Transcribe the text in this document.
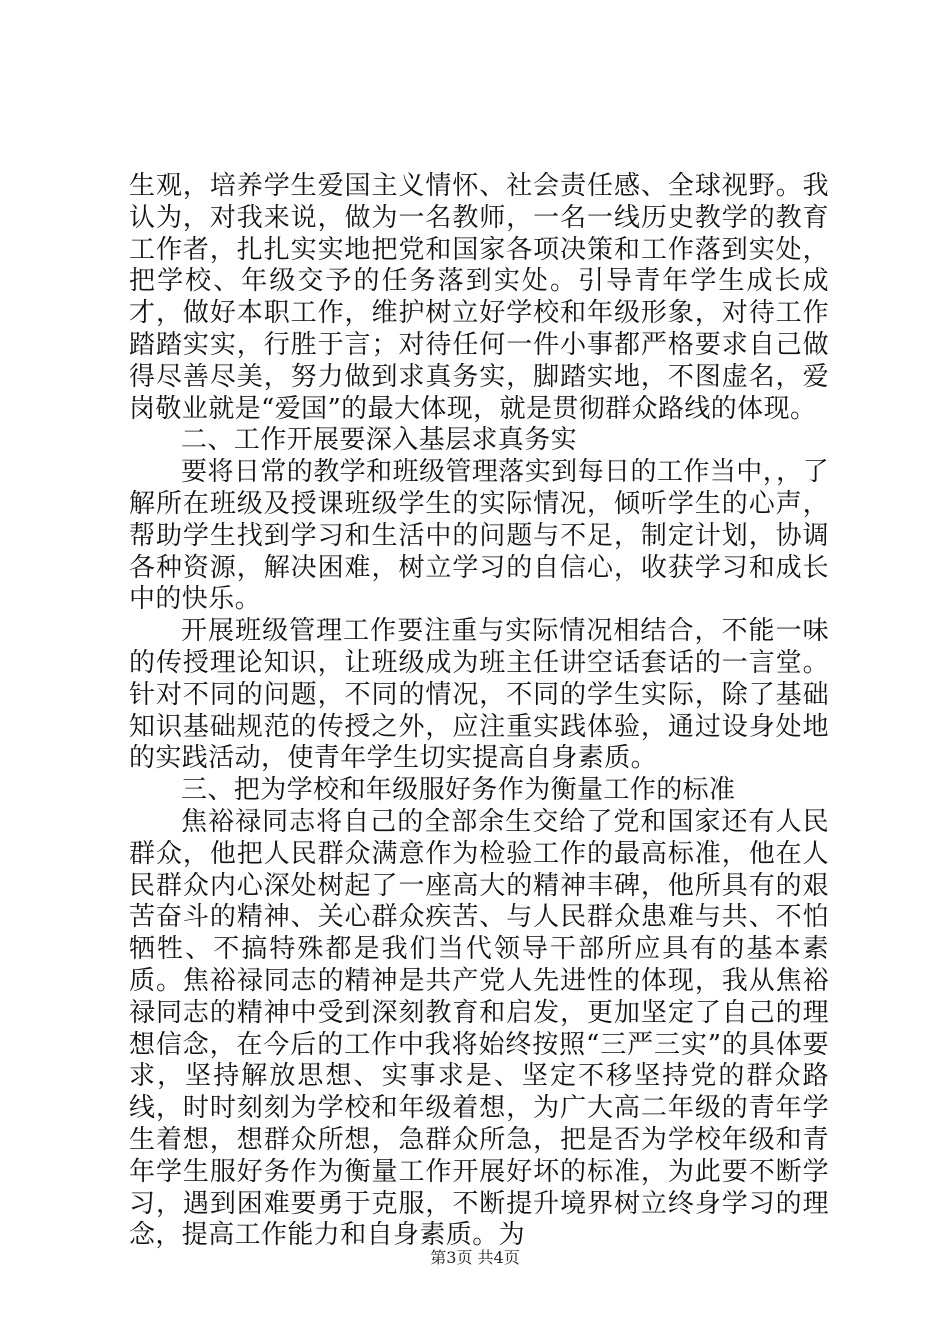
生观，培养学生爱国主义情怀、社会责任感、全球视野。我认为，对我来说，做为一名教师，一名一线历史教学的教育工作者，扎扎实实地把党和国家各项决策和工作落到实处，把学校、年级交予的任务落到实处。引导青年学生成长成才，做好本职工作，维护树立好学校和年级形象，对待工作踏踏实实，行胜于言；对待任何一件小事都严格要求自己做得尽善尽美，努力做到求真务实，脚踏实地，不图虚名，爱岗敬业就是“爱国”的最大体现，就是贯彻群众路线的体现。

二、工作开展要深入基层求真务实

要将日常的教学和班级管理落实到每日的工作当中，，了解所在班级及授课班级学生的实际情况，倾听学生的心声，帮助学生找到学习和生活中的问题与不足，制定计划，协调各种资源，解决困难，树立学习的自信心，收获学习和成长中的快乐。

开展班级管理工作要注重与实际情况相结合，不能一味的传授理论知识，让班级成为班主任讲空话套话的一言堂。针对不同的问题，不同的情况，不同的学生实际，除了基础知识基础规范的传授之外，应注重实践体验，通过设身处地的实践活动，使青年学生切实提高自身素质。

三、把为学校和年级服好务作为衡量工作的标准

焦裕禄同志将自己的全部余生交给了党和国家还有人民群众，他把人民群众满意作为检验工作的最高标准，他在人民群众内心深处树起了一座高大的精神丰碑，他所具有的艰苦奋斗的精神、关心群众疾苦、与人民群众患难与共、不怕牺牲、不搞特殊都是我们当代领导干部所应具有的基本素质。焦裕禄同志的精神是共产党人先进性的体现，我从焦裕禄同志的精神中受到深刻教育和启发，更加坚定了自己的理想信念，在今后的工作中我将始终按照“三严三实”的具体要求，坚持解放思想、实事求是、坚定不移坚持党的群众路线，时时刻刻为学校和年级着想，为广大高二年级的青年学生着想，想群众所想，急群众所急，把是否为学校年级和青年学生服好务作为衡量工作开展好坏的标准，为此要不断学习，遇到困难要勇于克服，不断提升境界树立终身学习的理念，提高工作能力和自身素质。为

第3页 共4页
